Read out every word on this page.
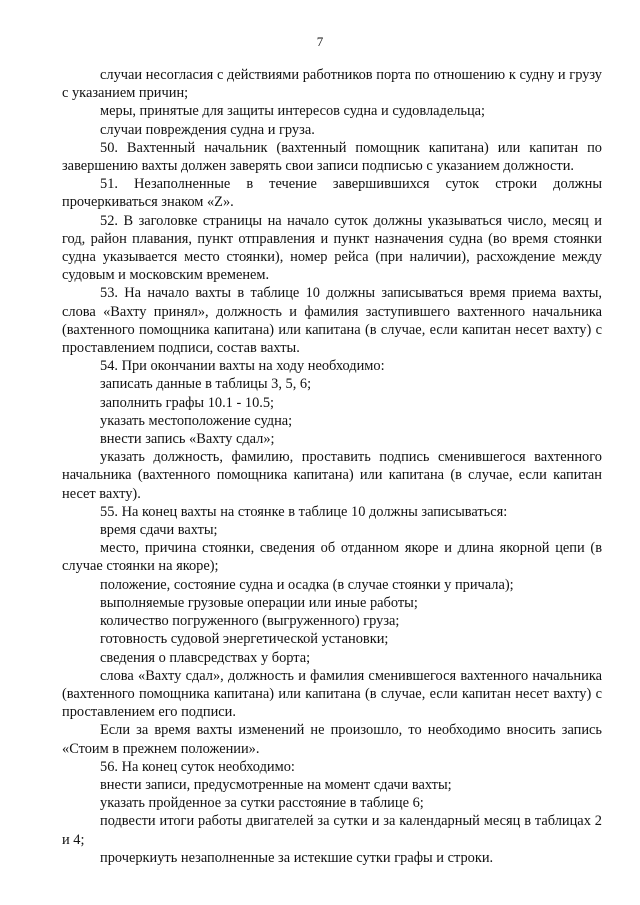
7

случаи несогласия с действиями работников порта по отношению к судну и грузу с указанием причин;

меры, принятые для защиты интересов судна и судовладельца;

случаи повреждения судна и груза.

50. Вахтенный начальник (вахтенный помощник капитана) или капитан по завершению вахты должен заверять свои записи подписью с указанием должности.

51. Незаполненные в течение завершившихся суток строки должны прочеркиваться знаком «Z».

52. В заголовке страницы на начало суток должны указываться число, месяц и год, район плавания, пункт отправления и пункт назначения судна (во время стоянки судна указывается место стоянки), номер рейса (при наличии), расхождение между судовым и московским временем.

53. На начало вахты в таблице 10 должны записываться время приема вахты, слова «Вахту принял», должность и фамилия заступившего вахтенного начальника (вахтенного помощника капитана) или капитана (в случае, если капитан несет вахту) с проставлением подписи, состав вахты.

54. При окончании вахты на ходу необходимо:

записать данные в таблицы 3, 5, 6;

заполнить графы 10.1 - 10.5;

указать местоположение судна;

внести запись «Вахту сдал»;

указать должность, фамилию, проставить подпись сменившегося вахтенного начальника (вахтенного помощника капитана) или капитана (в случае, если капитан несет вахту).

55. На конец вахты на стоянке в таблице 10 должны записываться:

время сдачи вахты;

место, причина стоянки, сведения об отданном якоре и длина якорной цепи (в случае стоянки на якоре);

положение, состояние судна и осадка (в случае стоянки у причала);

выполняемые грузовые операции или иные работы;

количество погруженного (выгруженного) груза;

готовность судовой энергетической установки;

сведения о плавсредствах у борта;

слова «Вахту сдал», должность и фамилия сменившегося вахтенного начальника (вахтенного помощника капитана) или капитана (в случае, если капитан несет вахту) с проставлением его подписи.

Если за время вахты изменений не произошло, то необходимо вносить запись «Стоим в прежнем положении».

56. На конец суток необходимо:

внести записи, предусмотренные на момент сдачи вахты;

указать пройденное за сутки расстояние в таблице 6;

подвести итоги работы двигателей за сутки и за календарный месяц в таблицах 2 и 4;

прочеркиуть незаполненные за истекшие сутки графы и строки.
